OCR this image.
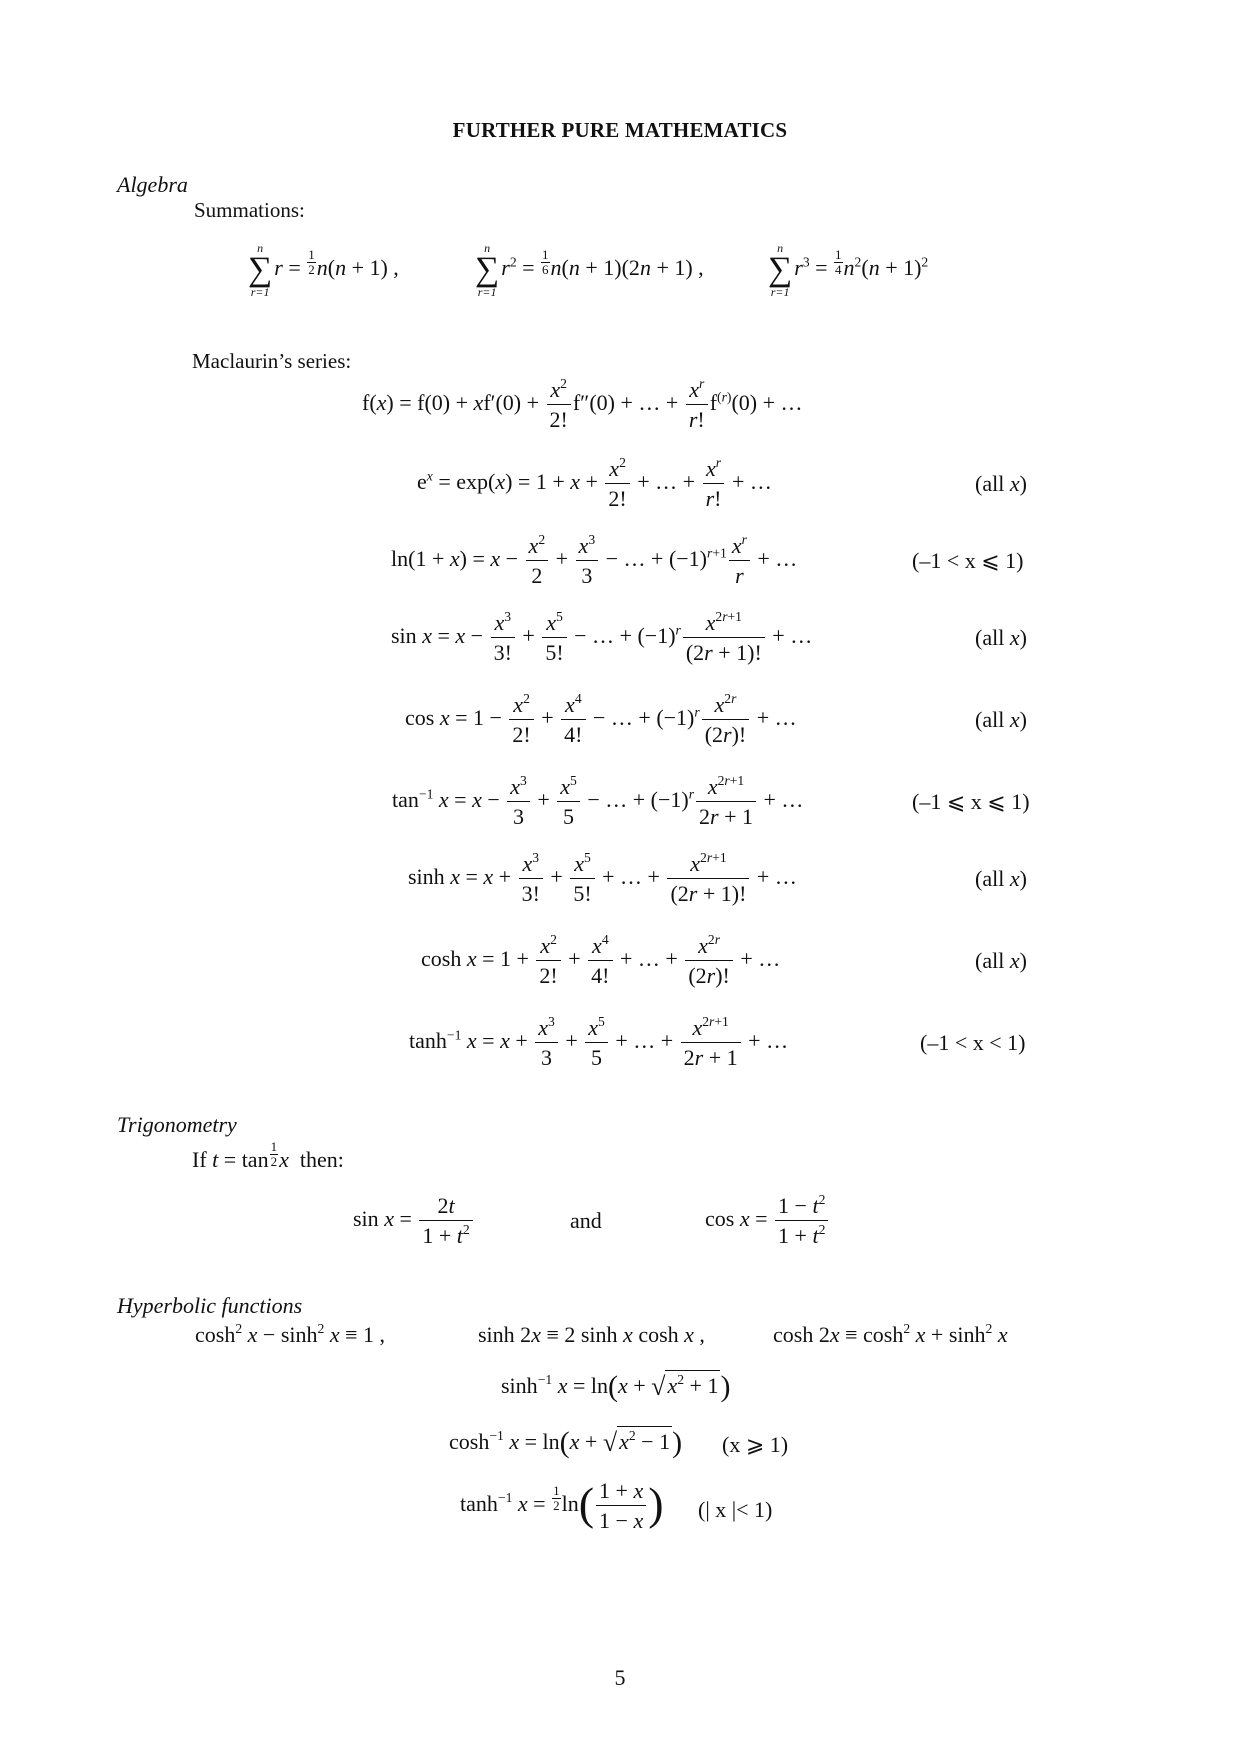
FURTHER PURE MATHEMATICS
Algebra
Summations:
n
∑
r=1
$r = \frac{1}{2} n(n + 1)$ ,
n
∑
r=1
$r^2 = \frac{1}{6} n(n + 1)(2n + 1)$ ,
n
∑
r=1
$r^3 = \frac{1}{4} n^2(n + 1)^2$
Maclaurin’s series:
$f(x) = f(0) + xf'(0) + \frac{x^2}{2!} f''(0)$ + … + $\frac{x^r}{r!} f^{(r)}(0)$ + …
$e^x = \exp(x) = 1 + x + \frac{x^2}{2!}$ + … + $\frac{x^r}{r!}$ + …	(all x)
$\ln(1 + x) = x - \frac{x^2}{2} + \frac{x^3}{3}$ − … + $(-1)^{r+1} \frac{x^r}{r}$ + …	(–1 < x ⩽ 1)
$\sin x = x - \frac{x^3}{3!} + \frac{x^5}{5!}$ − … + $(-1)^r \frac{x^{2r+1}}{(2r + 1)!}$ + …	(all x)
$\cos x = 1 - \frac{x^2}{2!} + \frac{x^4}{4!}$ − … + $(-1)^r \frac{x^{2r}}{(2r)!}$ + …	(all x)
$\tan^{-1} x = x - \frac{x^3}{3} + \frac{x^5}{5}$ − … + $(-1)^r \frac{x^{2r+1}}{2r + 1}$ + …	(–1 ⩽ x ⩽ 1)
$\sinh x = x + \frac{x^3}{3!} + \frac{x^5}{5!}$ + … + $\frac{x^{2r+1}}{(2r + 1)!}$ + …	(all x)
$\cosh x = 1 + \frac{x^2}{2!} + \frac{x^4}{4!}$ + … + $\frac{x^{2r}}{(2r)!}$ + …	(all x)
$\tanh^{-1} x = x + \frac{x^3}{3} + \frac{x^5}{5}$ + … + $\frac{x^{2r+1}}{2r + 1}$ + …	(–1 < x < 1)
Trigonometry
If $t = \tan \frac{1}{2}$ x then:
$\sin x = \frac{2t}{1 + t^2}$	and	$\cos x = \frac{1 - t^2}{1 + t^2}$
Hyperbolic functions
$\cosh^2 x - \sinh^2 x \equiv 1$ ,	sinh 2x ≡ 2 sinh x cosh x ,	$\cosh 2x \equiv \cosh^2 x + \sinh^2 x$
$\sinh^{-1} x = \ln(x + √x^2 + 1)$
$\cosh^{-1} x = \ln(x + √x^2 - 1)$ (x ⩾ 1)
$\tanh^{-1} x = \frac{1}{2} \ln( \frac{1 + x}{1 - x}$ ) (| x |< 1)
5
